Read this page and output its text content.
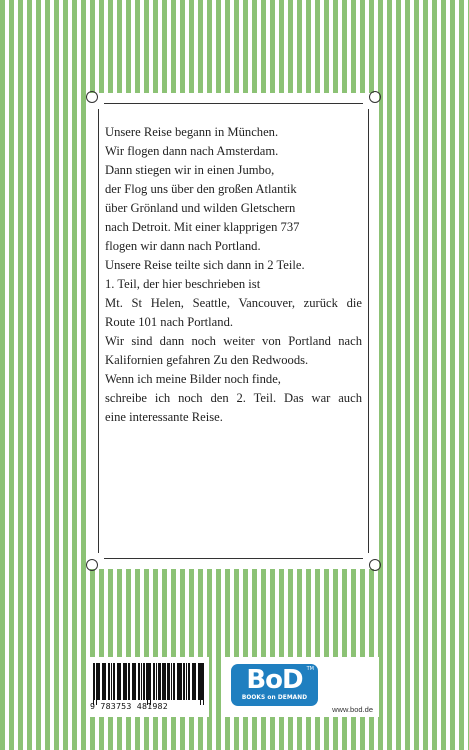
Unsere Reise begann in München.
Wir flogen dann nach Amsterdam.
Dann stiegen wir in einen Jumbo,
der Flog uns über den großen Atlantik
über Grönland und wilden Gletschern
nach Detroit. Mit einer klapprigen 737
flogen wir dann nach Portland.
Unsere Reise teilte sich dann in 2 Teile.
1. Teil, der hier beschrieben ist
Mt. St Helen, Seattle, Vancouver, zurück die
Route 101 nach Portland.
Wir sind dann noch weiter von Portland nach
Kalifornien gefahren Zu den Redwoods.
Wenn ich meine Bilder noch finde,
schreibe ich noch den 2. Teil. Das war auch
eine interessante Reise.
9 783753 481982
BoD TM
BOOKS on DEMAND
www.bod.de
